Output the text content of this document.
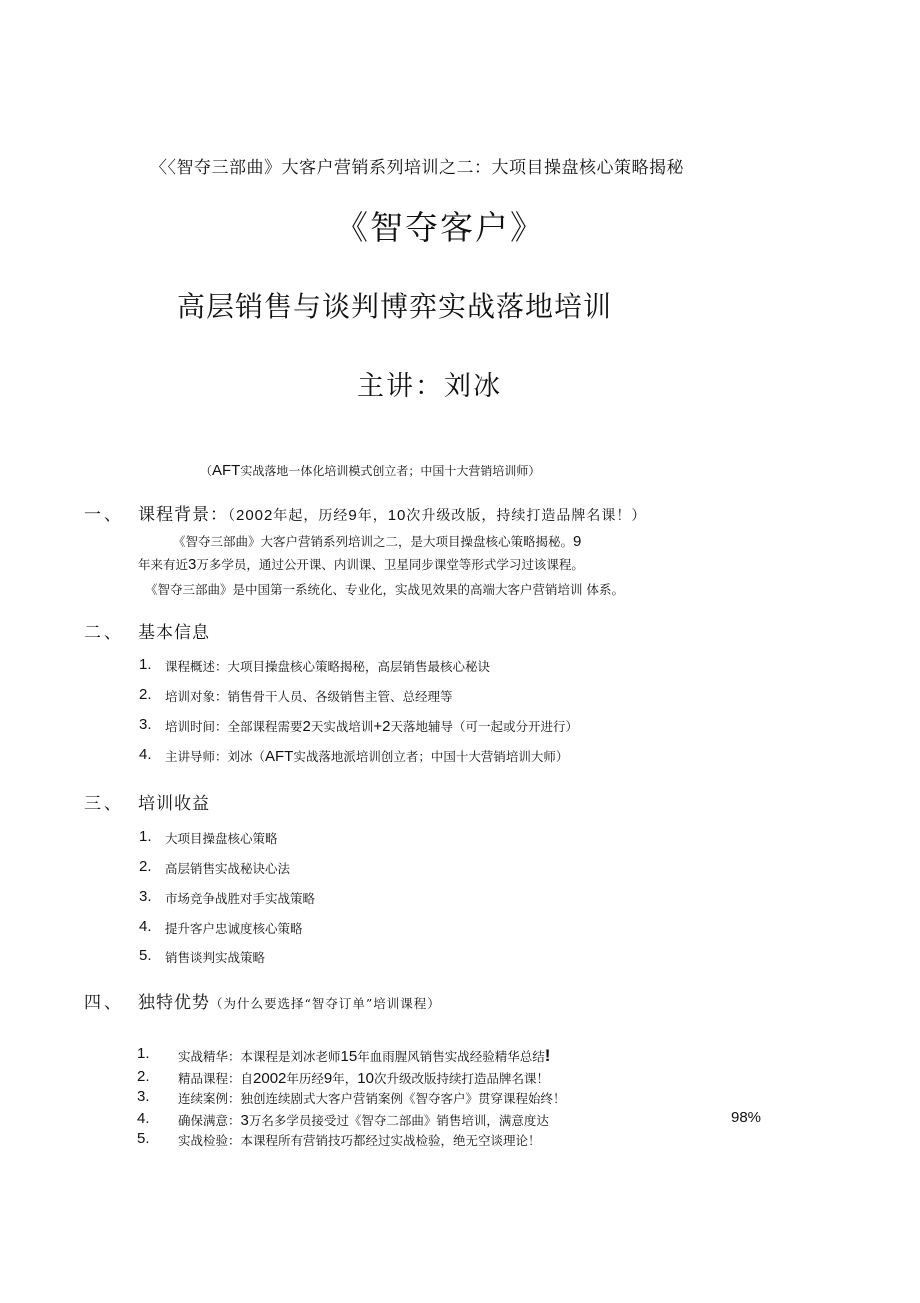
〈〈智夺三部曲》大客户营销系列培训之二：大项目操盘核心策略揭秘
《智夺客户》
高层销售与谈判博弈实战落地培训
主讲：刘冰
（AFT实战落地一体化培训模式创立者；中国十大营销培训师）
一、 课程背景：（2002年起，历经9年，10次升级改版，持续打造品牌名课！）
《智夺三部曲》大客户营销系列培训之二，是大项目操盘核心策略揭秘。9
年来有近3万多学员，通过公开课、内训课、卫星同步课堂等形式学习过该课程。
《智夺三部曲》是中国第一系统化、专业化，实战见效果的高端大客户营销培训 体系。
二、 基本信息
1. 课程概述：大项目操盘核心策略揭秘，高层销售最核心秘诀
2. 培训对象：销售骨干人员、各级销售主管、总经理等
3. 培训时间：全部课程需要2天实战培训+2天落地辅导（可一起或分开进行）
4. 主讲导师：刘冰（AFT实战落地派培训创立者；中国十大营销培训大师）
三、 培训收益
1. 大项目操盘核心策略
2. 高层销售实战秘诀心法
3. 市场竞争战胜对手实战策略
4. 提升客户忠诚度核心策略
5. 销售谈判实战策略
四、 独特优势（为什么要选择“智夺订单”培训课程）
1. 实战精华：本课程是刘冰老师15年血雨腥风销售实战经验精华总结!
2. 精品课程：自2002年历经9年，10次升级改版持续打造品牌名课！
3. 连续案例：独创连续剧式大客户营销案例《智夺客户》贯穿课程始终！
4. 确保满意：3万名多学员接受过《智夺二部曲》销售培训，满意度达	98%
5. 实战检验：本课程所有营销技巧都经过实战检验，绝无空谈理论！
